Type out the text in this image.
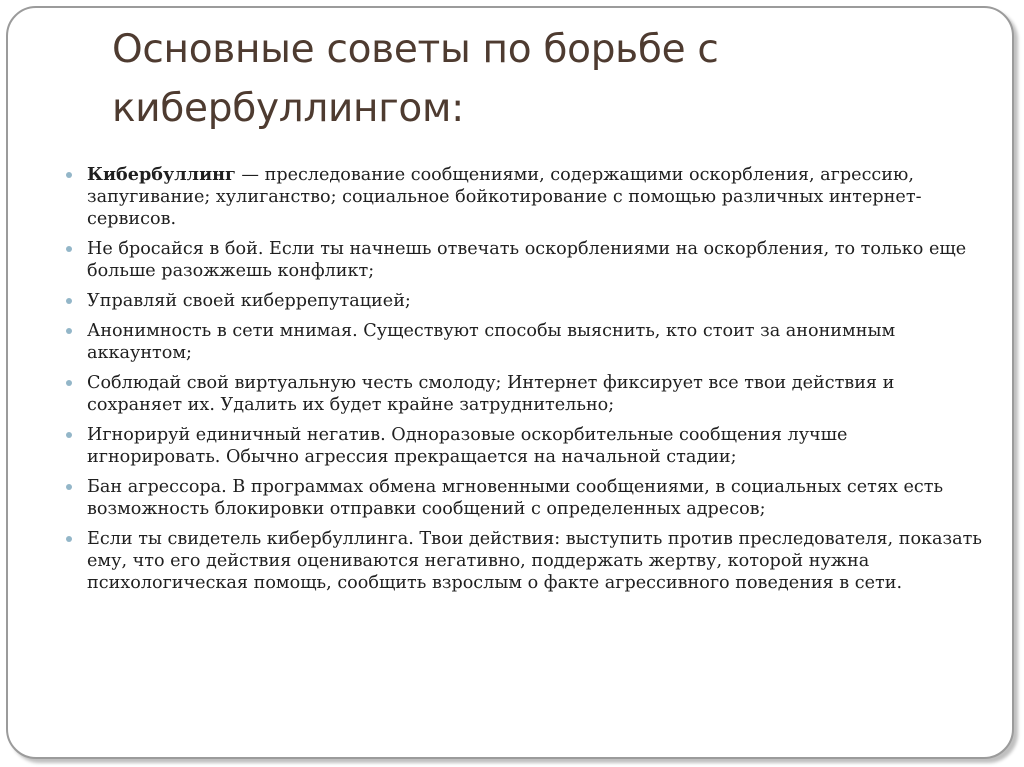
Основные советы по борьбе с кибербуллингом:
Кибербуллинг — преследование сообщениями, содержащими оскорбления, агрессию, запугивание; хулиганство; социальное бойкотирование с помощью различных интернет-сервисов.
Не бросайся в бой. Если ты начнешь отвечать оскорблениями на оскорбления, то только еще больше разожжешь конфликт;
Управляй своей киберрепутацией;
Анонимность в сети мнимая. Существуют способы выяснить, кто стоит за анонимным аккаунтом;
Соблюдай свой виртуальную честь смолоду; Интернет фиксирует все твои действия и сохраняет их. Удалить их будет крайне затруднительно;
Игнорируй единичный негатив. Одноразовые оскорбительные сообщения лучше игнорировать. Обычно агрессия прекращается на начальной стадии;
Бан агрессора. В программах обмена мгновенными сообщениями, в социальных сетях есть возможность блокировки отправки сообщений с определенных адресов;
Если ты свидетель кибербуллинга. Твои действия: выступить против преследователя, показать ему, что его действия оцениваются негативно, поддержать жертву, которой нужна психологическая помощь, сообщить взрослым о факте агрессивного поведения в сети.
